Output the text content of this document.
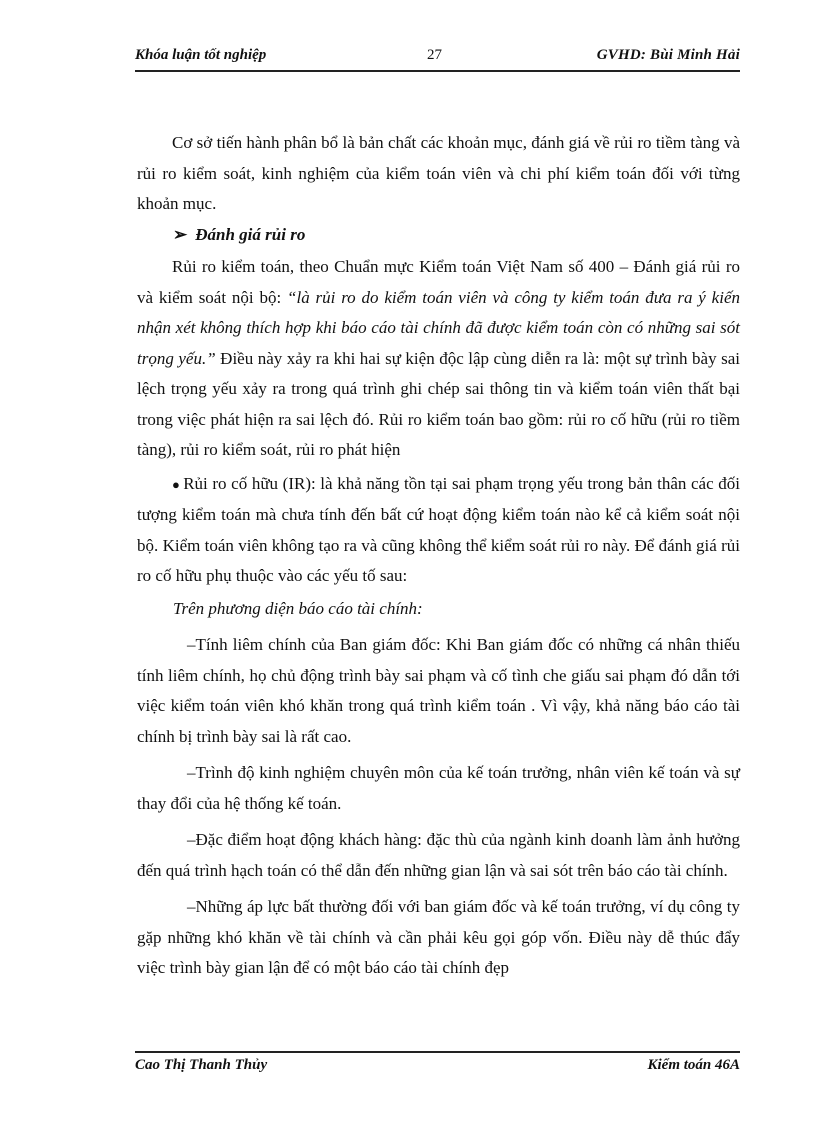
Khóa luận tốt nghiệp	27	GVHD: Bùi Minh Hải

Cơ sở tiến hành phân bổ là bản chất các khoản mục, đánh giá về rủi ro tiềm tàng và rủi ro kiểm soát, kinh nghiệm của kiểm toán viên và chi phí kiểm toán đối với từng khoản mục.

➢ Đánh giá rủi ro

Rủi ro kiểm toán, theo Chuẩn mực Kiểm toán Việt Nam số 400 – Đánh giá rủi ro và kiểm soát nội bộ: “là rủi ro do kiểm toán viên và công ty kiểm toán đưa ra ý kiến nhận xét không thích hợp khi báo cáo tài chính đã được kiểm toán còn có những sai sót trọng yếu.” Điều này xảy ra khi hai sự kiện độc lập cùng diễn ra là: một sự trình bày sai lệch trọng yếu xảy ra trong quá trình ghi chép sai thông tin và kiểm toán viên thất bại trong việc phát hiện ra sai lệch đó. Rủi ro kiểm toán bao gồm: rủi ro cố hữu (rủi ro tiềm tàng), rủi ro kiểm soát, rủi ro phát hiện

● Rủi ro cố hữu (IR): là khả năng tồn tại sai phạm trọng yếu trong bản thân các đối tượng kiểm toán mà chưa tính đến bất cứ hoạt động kiểm toán nào kể cả kiểm soát nội bộ. Kiểm toán viên không tạo ra và cũng không thể kiểm soát rủi ro này. Để đánh giá rủi ro cố hữu phụ thuộc vào các yếu tố sau:

Trên phương diện báo cáo tài chính:

–Tính liêm chính của Ban giám đốc: Khi Ban giám đốc có những cá nhân thiếu tính liêm chính, họ chủ động trình bày sai phạm và cố tình che giấu sai phạm đó dẫn tới việc kiểm toán viên khó khăn trong quá trình kiểm toán . Vì vậy, khả năng báo cáo tài chính bị trình bày sai là rất cao.

–Trình độ kinh nghiệm chuyên môn của kế toán trưởng, nhân viên kế toán và sự thay đổi của hệ thống kế toán.

–Đặc điểm hoạt động khách hàng: đặc thù của ngành kinh doanh làm ảnh hưởng đến quá trình hạch toán có thể dẫn đến những gian lận và sai sót trên báo cáo tài chính.

–Những áp lực bất thường đối với ban giám đốc và kế toán trưởng, ví dụ công ty gặp những khó khăn về tài chính và cần phải kêu gọi góp vốn. Điều này dễ thúc đẩy việc trình bày gian lận để có một báo cáo tài chính đẹp

Cao Thị Thanh Thủy	Kiểm toán 46A
